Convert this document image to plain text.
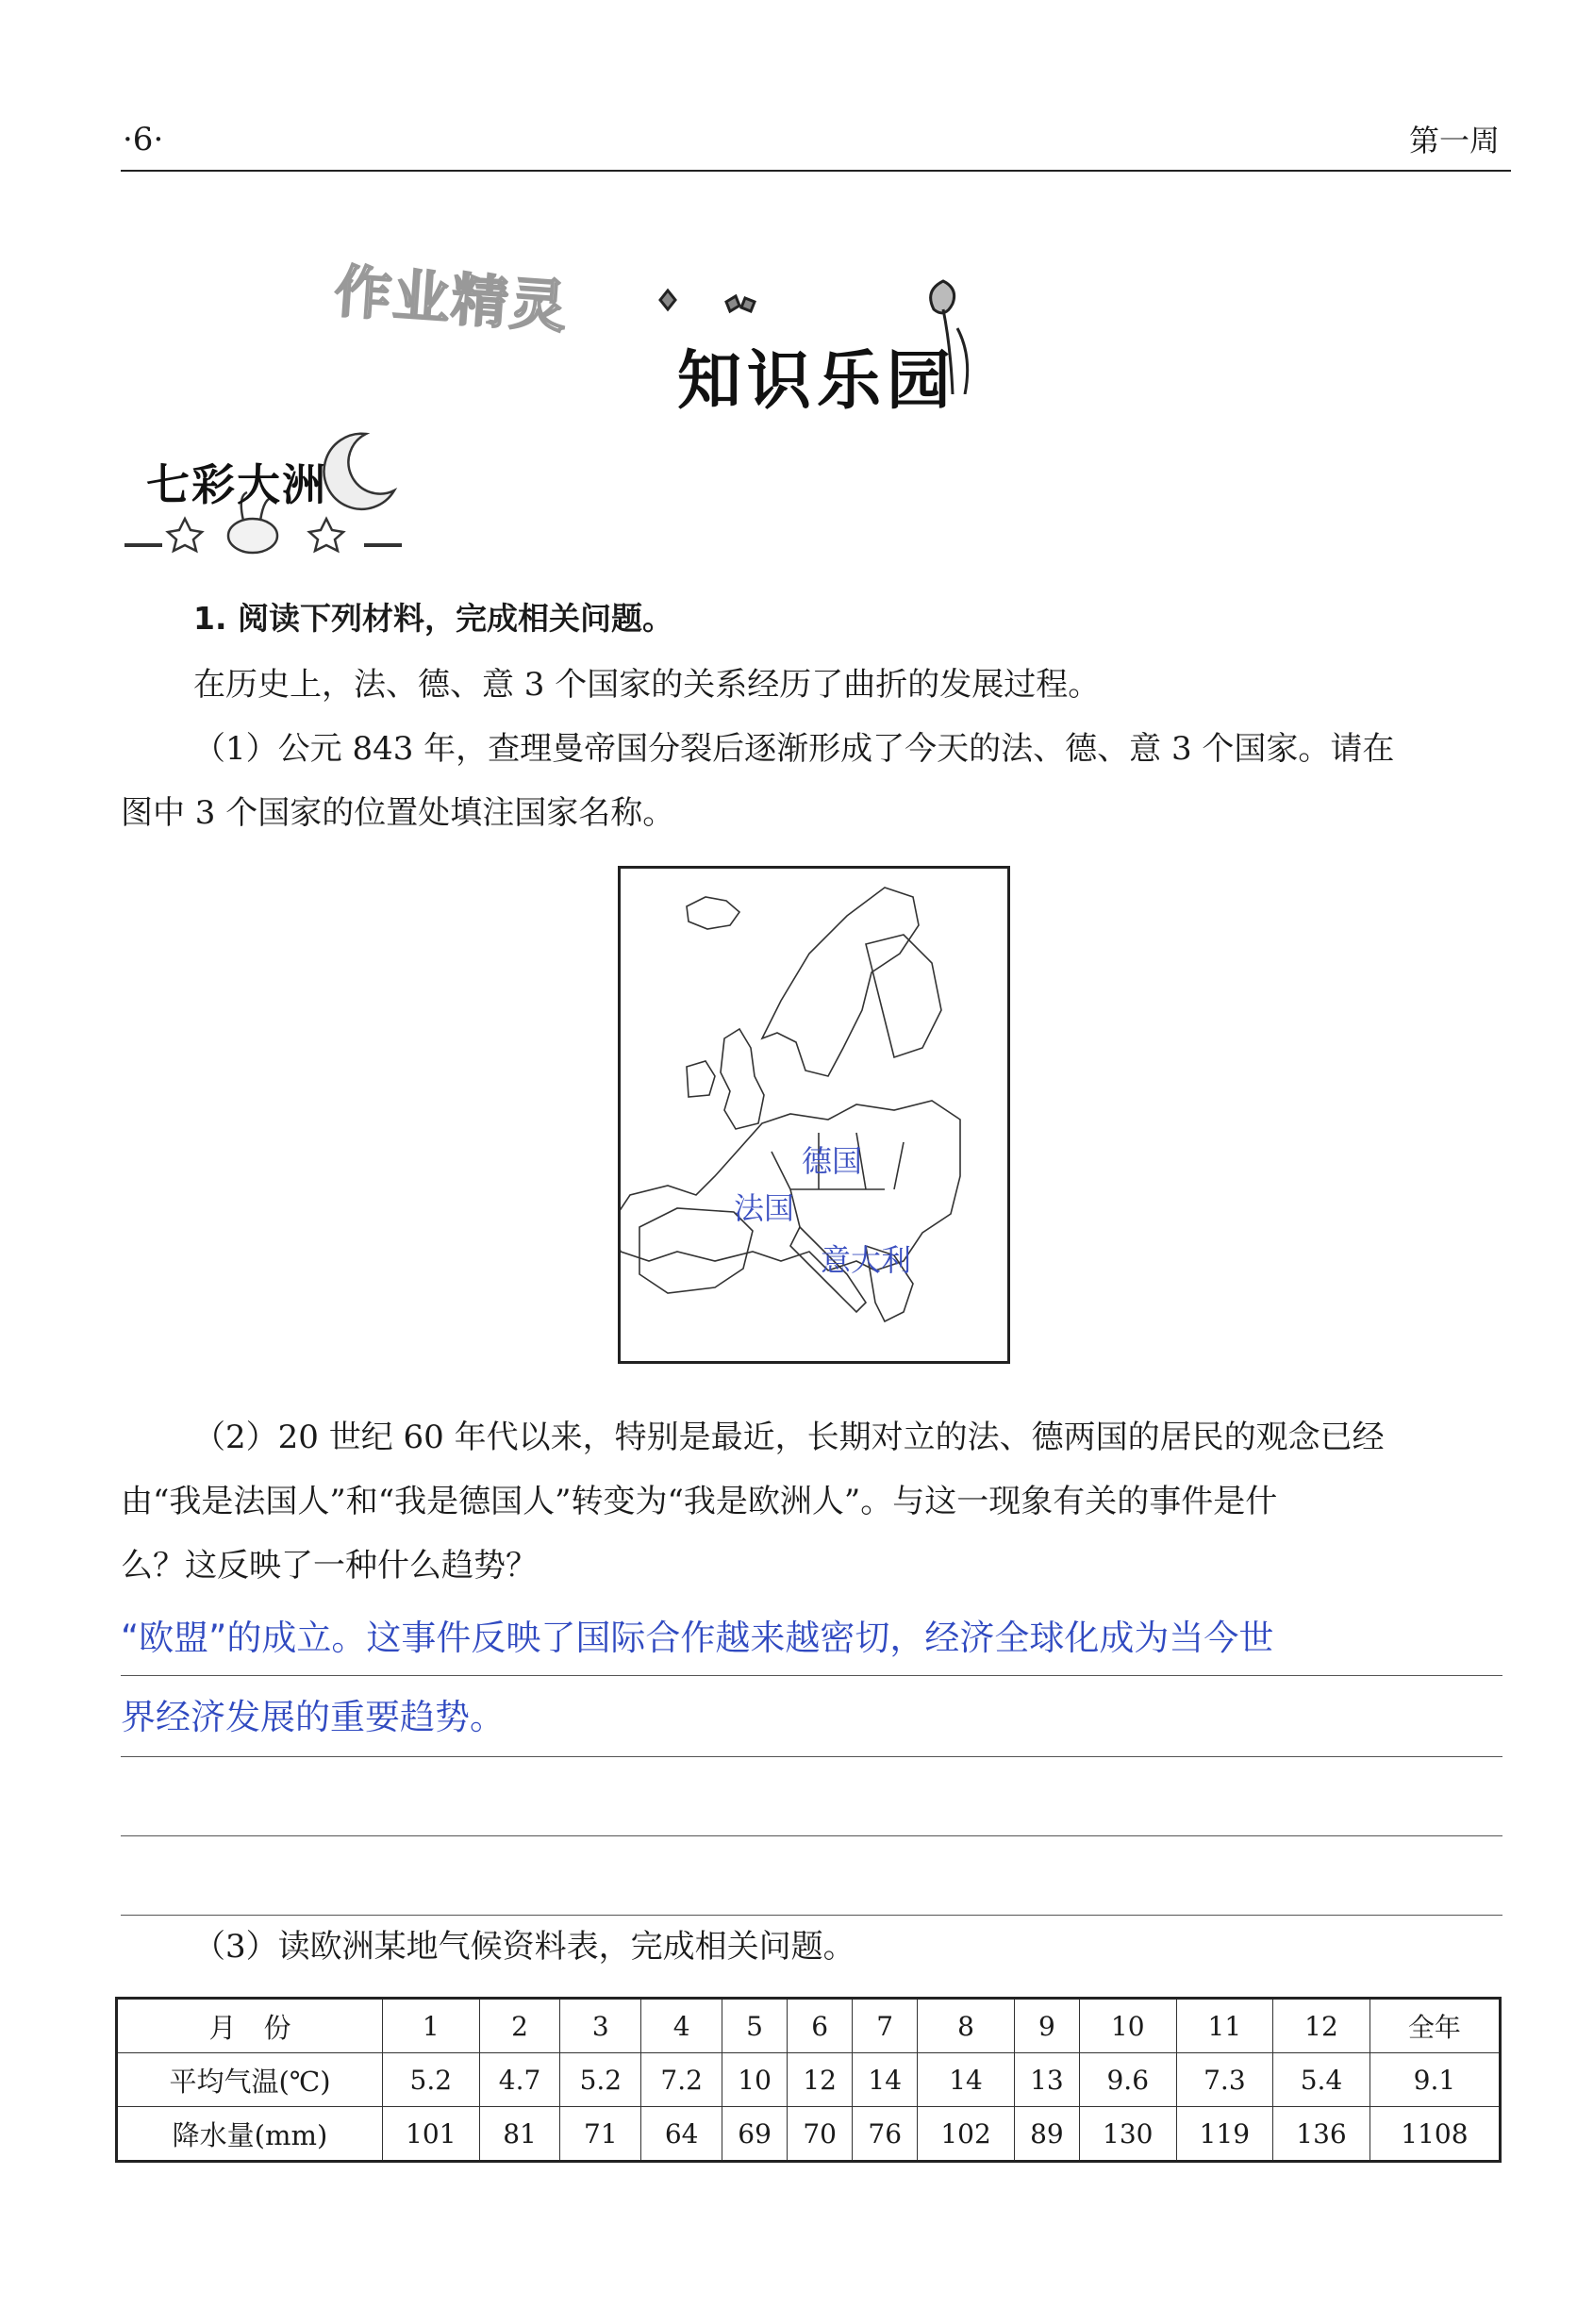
·6·	第一周
作业精灵
知识乐园
七彩大洲
1. 阅读下列材料，完成相关问题。
在历史上，法、德、意 3 个国家的关系经历了曲折的发展过程。
（1）公元 843 年，查理曼帝国分裂后逐渐形成了今天的法、德、意 3 个国家。请在
图中 3 个国家的位置处填注国家名称。
德国
法国
意大利
（2）20 世纪 60 年代以来，特别是最近，长期对立的法、德两国的居民的观念已经
由“我是法国人”和“我是德国人”转变为“我是欧洲人”。与这一现象有关的事件是什
么？这反映了一种什么趋势？
“欧盟”的成立。这事件反映了国际合作越来越密切，经济全球化成为当今世
界经济发展的重要趋势。
（3）读欧洲某地气候资料表，完成相关问题。
月　份	1	2	3	4	5	6	7	8	9	10	11	12	全年
平均气温(℃)	5.2	4.7	5.2	7.2	10	12	14	14	13	9.6	7.3	5.4	9.1
降水量(mm)	101	81	71	64	69	70	76	102	89	130	119	136	1108
